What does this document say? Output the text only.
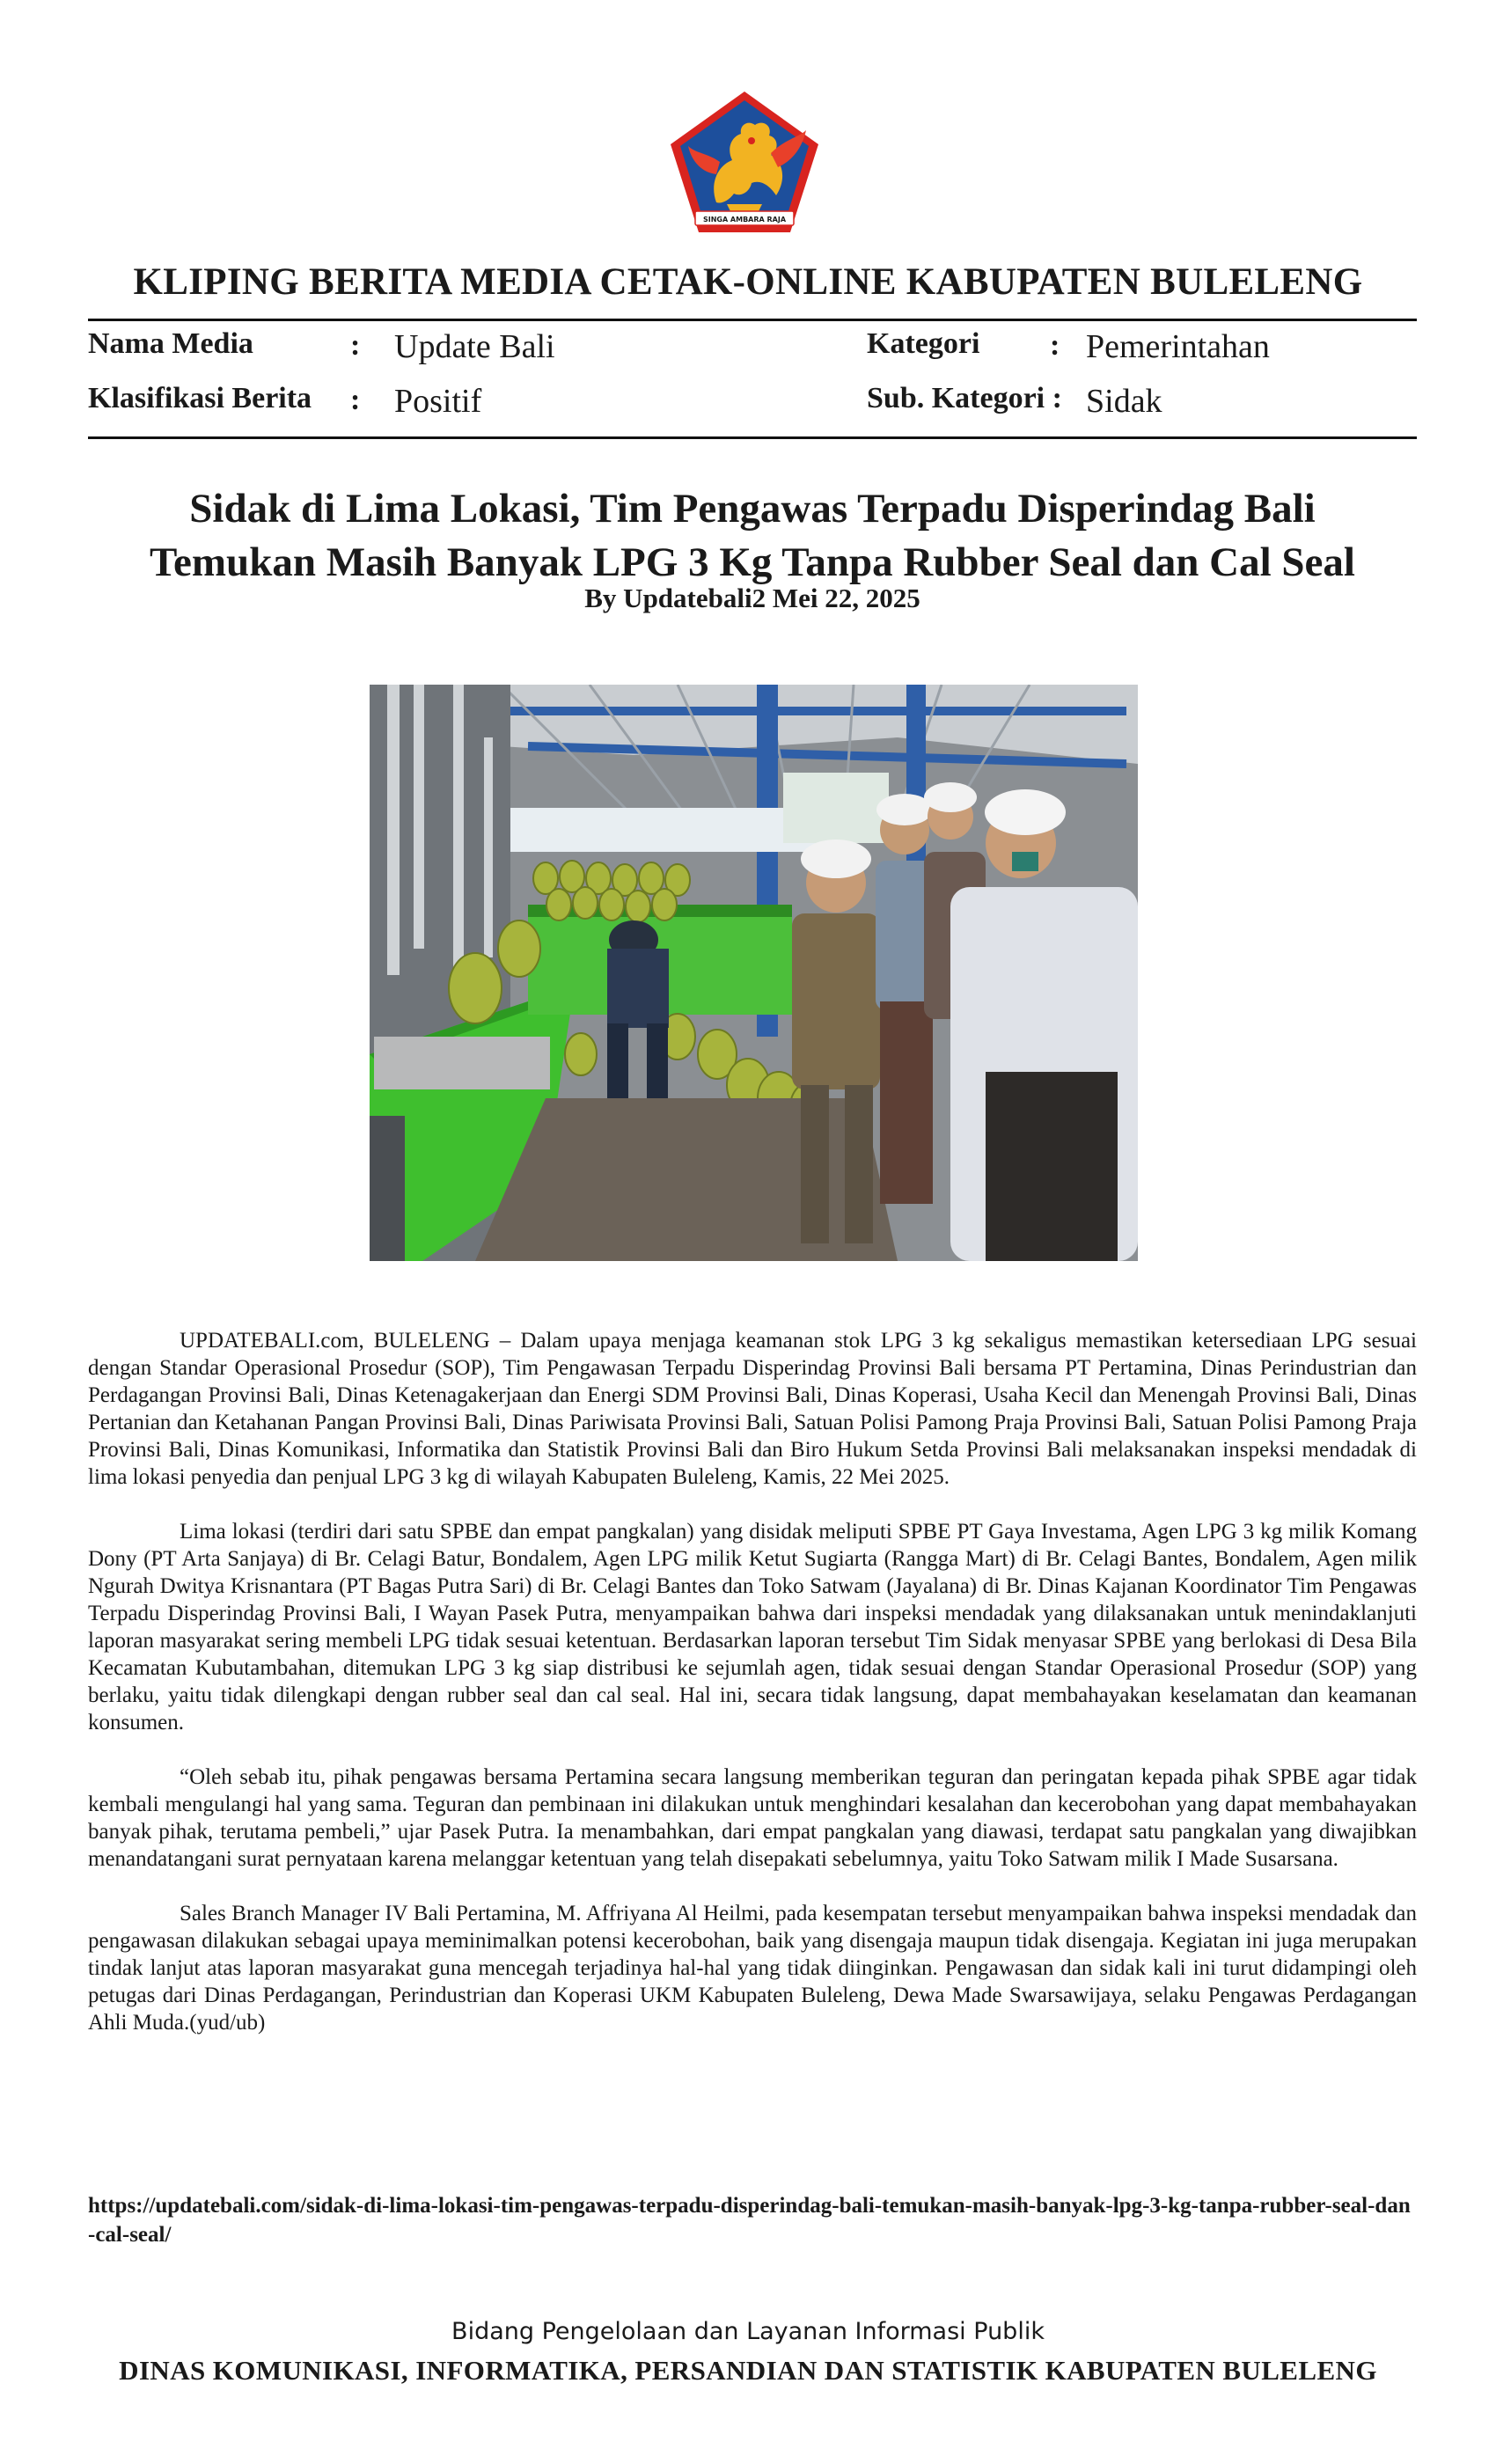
SINGA AMBARA RAJA
KLIPING BERITA MEDIA CETAK-ONLINE KABUPATEN BULELENG
Nama Media	: Update Bali	Kategori : Pemerintahan
Klasifikasi Berita : Positif	Sub. Kategori : Sidak
Sidak di Lima Lokasi, Tim Pengawas Terpadu Disperindag Bali
Temukan Masih Banyak LPG 3 Kg Tanpa Rubber Seal dan Cal Seal
By Updatebali2 Mei 22, 2025

UPDATEBALI.com, BULELENG – Dalam upaya menjaga keamanan stok LPG 3 kg sekaligus memastikan ketersediaan LPG sesuai dengan Standar Operasional Prosedur (SOP), Tim Pengawasan Terpadu Disperindag Provinsi Bali bersama PT Pertamina, Dinas Perindustrian dan Perdagangan Provinsi Bali, Dinas Ketenagakerjaan dan Energi SDM Provinsi Bali, Dinas Koperasi, Usaha Kecil dan Menengah Provinsi Bali, Dinas Pertanian dan Ketahanan Pangan Provinsi Bali, Dinas Pariwisata Provinsi Bali, Satuan Polisi Pamong Praja Provinsi Bali, Satuan Polisi Pamong Praja Provinsi Bali, Dinas Komunikasi, Informatika dan Statistik Provinsi Bali dan Biro Hukum Setda Provinsi Bali melaksanakan inspeksi mendadak di lima lokasi penyedia dan penjual LPG 3 kg di wilayah Kabupaten Buleleng, Kamis, 22 Mei 2025.

Lima lokasi (terdiri dari satu SPBE dan empat pangkalan) yang disidak meliputi SPBE PT Gaya Investama, Agen LPG 3 kg milik Komang Dony (PT Arta Sanjaya) di Br. Celagi Batur, Bondalem, Agen LPG milik Ketut Sugiarta (Rangga Mart) di Br. Celagi Bantes, Bondalem, Agen milik Ngurah Dwitya Krisnantara (PT Bagas Putra Sari) di Br. Celagi Bantes dan Toko Satwam (Jayalana) di Br. Dinas Kajanan Koordinator Tim Pengawas Terpadu Disperindag Provinsi Bali, I Wayan Pasek Putra, menyampaikan bahwa dari inspeksi mendadak yang dilaksanakan untuk menindaklanjuti laporan masyarakat sering membeli LPG tidak sesuai ketentuan. Berdasarkan laporan tersebut Tim Sidak menyasar SPBE yang berlokasi di Desa Bila Kecamatan Kubutambahan, ditemukan LPG 3 kg siap distribusi ke sejumlah agen, tidak sesuai dengan Standar Operasional Prosedur (SOP) yang berlaku, yaitu tidak dilengkapi dengan rubber seal dan cal seal. Hal ini, secara tidak langsung, dapat membahayakan keselamatan dan keamanan konsumen.

“Oleh sebab itu, pihak pengawas bersama Pertamina secara langsung memberikan teguran dan peringatan kepada pihak SPBE agar tidak kembali mengulangi hal yang sama. Teguran dan pembinaan ini dilakukan untuk menghindari kesalahan dan kecerobohan yang dapat membahayakan banyak pihak, terutama pembeli,” ujar Pasek Putra. Ia menambahkan, dari empat pangkalan yang diawasi, terdapat satu pangkalan yang diwajibkan menandatangani surat pernyataan karena melanggar ketentuan yang telah disepakati sebelumnya, yaitu Toko Satwam milik I Made Susarsana.

Sales Branch Manager IV Bali Pertamina, M. Affriyana Al Heilmi, pada kesempatan tersebut menyampaikan bahwa inspeksi mendadak dan pengawasan dilakukan sebagai upaya meminimalkan potensi kecerobohan, baik yang disengaja maupun tidak disengaja. Kegiatan ini juga merupakan tindak lanjut atas laporan masyarakat guna mencegah terjadinya hal-hal yang tidak diinginkan. Pengawasan dan sidak kali ini turut didampingi oleh petugas dari Dinas Perdagangan, Perindustrian dan Koperasi UKM Kabupaten Buleleng, Dewa Made Swarsawijaya, selaku Pengawas Perdagangan Ahli Muda.(yud/ub)

https://updatebali.com/sidak-di-lima-lokasi-tim-pengawas-terpadu-disperindag-bali-temukan-masih-banyak-lpg-3-kg-tanpa-rubber-seal-dan-cal-seal/
Bidang Pengelolaan dan Layanan Informasi Publik
DINAS KOMUNIKASI, INFORMATIKA, PERSANDIAN DAN STATISTIK KABUPATEN BULELENG
